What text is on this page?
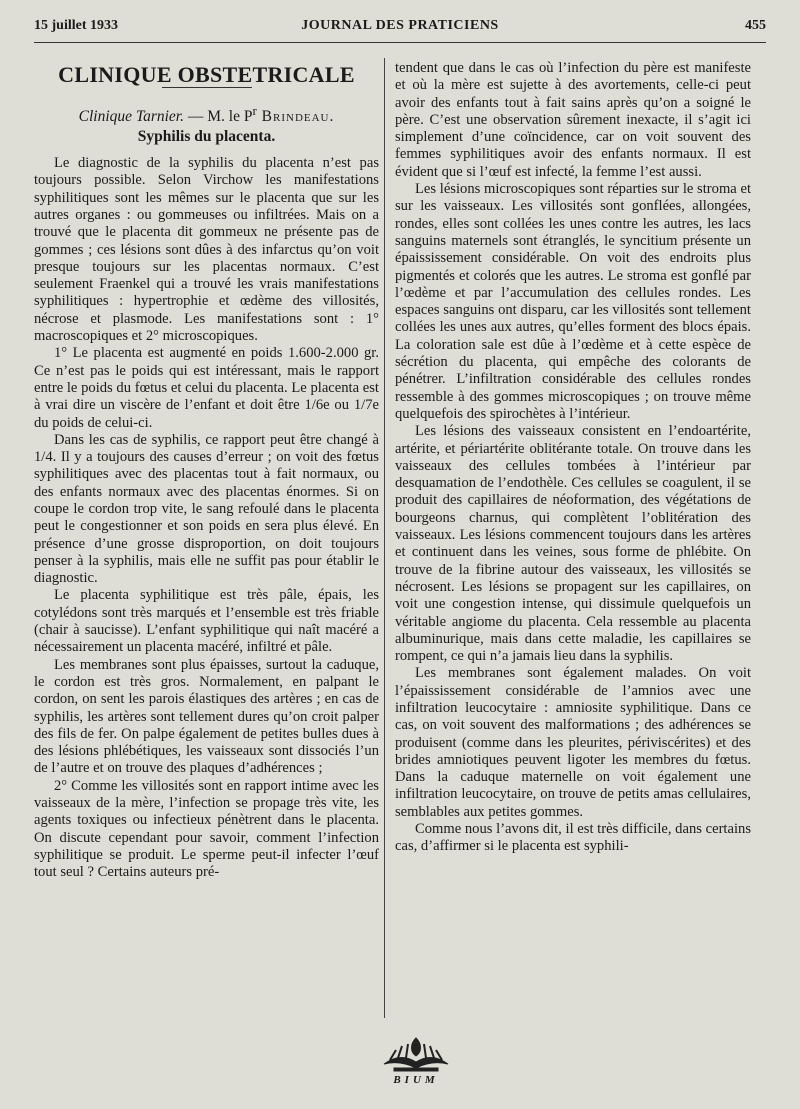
15 juillet 1933	JOURNAL DES PRATICIENS	455
CLINIQUE OBSTETRICALE
Clinique Tarnier. — M. le $P^r$ Brindeau.
Syphilis du placenta.

Le diagnostic de la syphilis du placenta n’est pas toujours possible. Selon Virchow les manifestations syphilitiques sont les mêmes sur le placenta que sur les autres organes : ou gommeuses ou infiltrées. Mais on a trouvé que le placenta dit gommeux ne présente pas de gommes ; ces lésions sont dûes à des infarctus qu’on voit presque toujours sur les placentas normaux. C’est seulement Fraenkel qui a trouvé les vrais manifestations syphilitiques : hypertrophie et œdème des villosités, nécrose et plasmode. Les manifestations sont : 1° macroscopiques et 2° microscopiques.

1° Le placenta est augmenté en poids 1.600-2.000 gr. Ce n’est pas le poids qui est intéressant, mais le rapport entre le poids du fœtus et celui du placenta. Le placenta est à vrai dire un viscère de l’enfant et doit être 1/6e ou 1/7e du poids de celui-ci.

Dans les cas de syphilis, ce rapport peut être changé à 1/4. Il y a toujours des causes d’erreur ; on voit des fœtus syphilitiques avec des placentas tout à fait normaux, ou des enfants normaux avec des placentas énormes. Si on coupe le cordon trop vite, le sang refoulé dans le placenta peut le congestionner et son poids en sera plus élevé. En présence d’une grosse disproportion, on doit toujours penser à la syphilis, mais elle ne suffit pas pour établir le diagnostic.

Le placenta syphilitique est très pâle, épais, les cotylédons sont très marqués et l’ensemble est très friable (chair à saucisse). L’enfant syphilitique qui naît macéré a nécessairement un placenta macéré, infiltré et pâle.

Les membranes sont plus épaisses, surtout la caduque, le cordon est très gros. Normalement, en palpant le cordon, on sent les parois élastiques des artères ; en cas de syphilis, les artères sont tellement dures qu’on croit palper des fils de fer. On palpe également de petites bulles dues à des lésions phlébétiques, les vaisseaux sont dissociés l’un de l’autre et on trouve des plaques d’adhérences ;

2° Comme les villosités sont en rapport intime avec les vaisseaux de la mère, l’infection se propage très vite, les agents toxiques ou infectieux pénètrent dans le placenta. On discute cependant pour savoir, comment l’infection syphilitique se produit. Le sperme peut-il infecter l’œuf tout seul ? Certains auteurs pré-

tendent que dans le cas où l’infection du père est manifeste et où la mère est sujette à des avortements, celle-ci peut avoir des enfants tout à fait sains après qu’on a soigné le père. C’est une observation sûrement inexacte, il s’agit ici simplement d’une coïncidence, car on voit souvent des femmes syphilitiques avoir des enfants normaux. Il est évident que si l’œuf est infecté, la femme l’est aussi.

Les lésions microscopiques sont réparties sur le stroma et sur les vaisseaux. Les villosités sont gonflées, allongées, rondes, elles sont collées les unes contre les autres, les lacs sanguins maternels sont étranglés, le syncitium présente un épaississement considérable. On voit des endroits plus pigmentés et colorés que les autres. Le stroma est gonflé par l’œdème et par l’accumulation des cellules rondes. Les espaces sanguins ont disparu, car les villosités sont tellement collées les unes aux autres, qu’elles forment des blocs épais. La coloration sale est dûe à l’œdème et à cette espèce de sécrétion du placenta, qui empêche des colorants de pénétrer. L’infiltration considérable des cellules rondes ressemble à des gommes microscopiques ; on trouve même quelquefois des spirochètes à l’intérieur.

Les lésions des vaisseaux consistent en l’endoartérite, artérite, et périartérite oblitérante totale. On trouve dans les vaisseaux des cellules tombées à l’intérieur par desquamation de l’endothèle. Ces cellules se coagulent, il se produit des capillaires de néoformation, des végétations de bourgeons charnus, qui complètent l’oblitération des vaisseaux. Les lésions commencent toujours dans les artères et continuent dans les veines, sous forme de phlébite. On trouve de la fibrine autour des vaisseaux, les villosités se nécrosent. Les lésions se propagent sur les capillaires, on voit une congestion intense, qui dissimule quelquefois un véritable angiome du placenta. Cela ressemble au placenta albuminurique, mais dans cette maladie, les capillaires se rompent, ce qui n’a jamais lieu dans la syphilis.

Les membranes sont également malades. On voit l’épaississement considérable de l’amnios avec une infiltration leucocytaire : amniosite syphilitique. Dans ce cas, on voit souvent des malformations ; des adhérences se produisent (comme dans les pleurites, périviscérites) et des brides amniotiques peuvent ligoter les membres du fœtus. Dans la caduque maternelle on voit également une infiltration leucocytaire, on trouve de petits amas cellulaires, semblables aux petites gommes.

Comme nous l’avons dit, il est très difficile, dans certains cas, d’affirmer si le placenta est syphili-

BIUM
